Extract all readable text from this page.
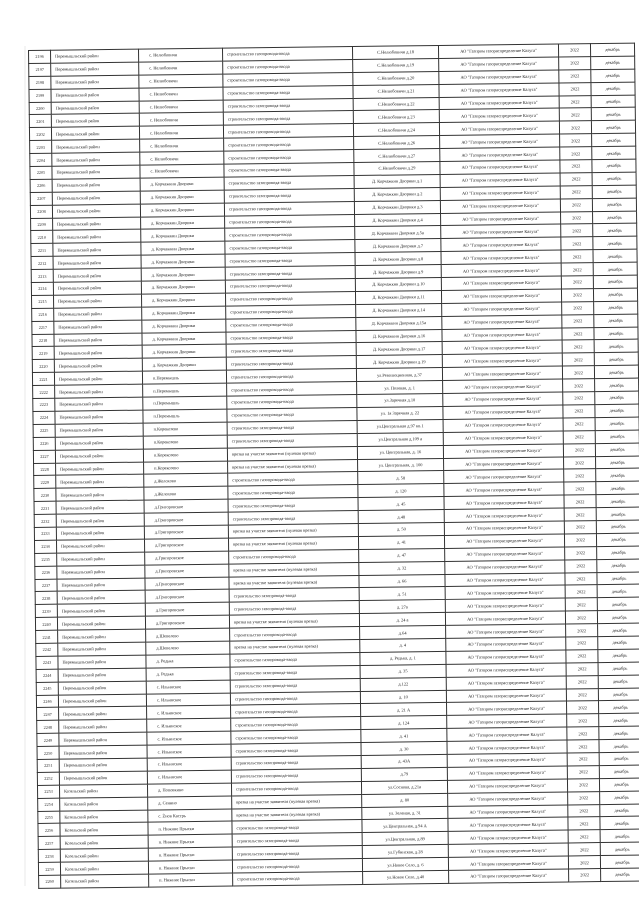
2196	Перемышльский район	с. Нелюбовичи	строительство газопровода-ввода	С.Нелюбовичи д.18	АО "Газпром газораспределение Калуга"	2022	декабрь
2197	Перемышльский район	с. Нелюбовичи	строительство газопровода-ввода	С.Нелюбовичи д.19	АО "Газпром газораспределение Калуга"	2022	декабрь
2198	Перемышльский район	с. Нелюбовичи	строительство газопровода-ввода	С.Нелюбовичи д.20	АО "Газпром газораспределение Калуга"	2022	декабрь
2199	Перемышльский район	с. Нелюбовичи	строительство газопровода-ввода	С.Нелюбовичи д.21	АО "Газпром газораспределение Калуга"	2022	декабрь
2200	Перемышльский район	с. Нелюбовичи	строительство газопровода-ввода	С.Нелюбовичи д.22	АО "Газпром газораспределение Калуга"	2022	декабрь
2201	Перемышльский район	с. Нелюбовичи	строительство газопровода-ввода	С.Нелюбовичи д.23	АО "Газпром газораспределение Калуга"	2022	декабрь
2202	Перемышльский район	с. Нелюбовичи	строительство газопровода-ввода	С.Нелюбовичи д.24	АО "Газпром газораспределение Калуга"	2022	декабрь
2203	Перемышльский район	с. Нелюбовичи	строительство газопровода-ввода	С.Нелюбовичи д.26	АО "Газпром газораспределение Калуга"	2022	декабрь
2204	Перемышльский район	с. Нелюбовичи	строительство газопровода-ввода	С.Нелюбовичи д.27	АО "Газпром газораспределение Калуга"	2022	декабрь
2205	Перемышльский район	с. Нелюбовичи	строительство газопровода-ввода	С.Нелюбовичи д.29	АО "Газпром газораспределение Калуга"	2022	декабрь
2206	Перемышльский район	д. Корчажкин Дворики	строительство газопровода-ввода	Д. Корчажкин Дворики д.1	АО "Газпром газораспределение Калуга"	2022	декабрь
2207	Перемышльский район	д. Корчажкин Дворики	строительство газопровода-ввода	Д. Корчажкин Дворики д.2	АО "Газпром газораспределение Калуга"	2022	декабрь
2208	Перемышльский район	д. Корчажкин Дворики	строительство газопровода-ввода	Д. Корчажкин Дворики д.3	АО "Газпром газораспределение Калуга"	2022	декабрь
2209	Перемышльский район	д. Корчажкин Дворики	строительство газопровода-ввода	Д. Корчажкин Дворики д.4	АО "Газпром газораспределение Калуга"	2022	декабрь
2210	Перемышльский район	д. Корчажкин Дворики	строительство газопровода-ввода	Д. Корчажкин Дворики д.5а	АО "Газпром газораспределение Калуга"	2022	декабрь
2211	Перемышльский район	д. Корчажкин Дворики	строительство газопровода-ввода	Д. Корчажкин Дворики д.7	АО "Газпром газораспределение Калуга"	2022	декабрь
2212	Перемышльский район	д. Корчажкин Дворики	строительство газопровода-ввода	Д. Корчажкин Дворики д.8	АО "Газпром газораспределение Калуга"	2022	декабрь
2213	Перемышльский район	д. Корчажкин Дворики	строительство газопровода-ввода	Д. Корчажкин Дворики д.9	АО "Газпром газораспределение Калуга"	2022	декабрь
2214	Перемышльский район	д. Корчажкин Дворики	строительство газопровода-ввода	Д. Корчажкин Дворики д.10	АО "Газпром газораспределение Калуга"	2022	декабрь
2215	Перемышльский район	д. Корчажкин Дворики	строительство газопровода-ввода	Д. Корчажкин Дворики д.11	АО "Газпром газораспределение Калуга"	2022	декабрь
2216	Перемышльский район	д. Корчажкин Дворики	строительство газопровода-ввода	Д. Корчажкин Дворики д.14	АО "Газпром газораспределение Калуга"	2022	декабрь
2217	Перемышльский район	д. Корчажкин Дворики	строительство газопровода-ввода	Д. Корчажкин Дворики д.15а	АО "Газпром газораспределение Калуга"	2022	декабрь
2218	Перемышльский район	д. Корчажкин Дворики	строительство газопровода-ввода	Д. Корчажкин Дворики д.16	АО "Газпром газораспределение Калуга"	2022	декабрь
2219	Перемышльский район	д. Корчажкин Дворики	строительство газопровода-ввода	Д. Корчажкин Дворики д.17	АО "Газпром газораспределение Калуга"	2022	декабрь
2220	Перемышльский район	д. Корчажкин Дворики	строительство газопровода-ввода	Д. Корчажкин Дворики д.19	АО "Газпром газораспределение Калуга"	2022	декабрь
2221	Перемышльский район	п.Перемышль	строительство газопровода-ввода	ул.Революционная, д.37	АО "Газпром газораспределение Калуга"	2022	декабрь
2222	Перемышльский район	п.Перемышль	строительство газопровода-ввода	ул. Полевая, д. 1	АО "Газпром газораспределение Калуга"	2022	декабрь
2223	Перемышльский район	п.Перемышль	строительство газопровода-ввода	ул.Заречная д.10	АО "Газпром газораспределение Калуга"	2022	декабрь
2224	Перемышльский район	п.Перемышль	строительство газопровода-ввода	ул. 1я Заречная д. 22	АО "Газпром газораспределение Калуга"	2022	декабрь
2225	Перемышльский район	п.Корекозево	строительство газопровода-ввода	ул.Центральная д.97 кв.1	АО "Газпром газораспределение Калуга"	2022	декабрь
2226	Перемышльский район	п.Корекозево	строительство газопровода-ввода	ул.Центральная д.109 а	АО "Газпром газораспределение Калуга"	2022	декабрь
2227	Перемышльский район	п.Корекозево	врезка на участке заявителя (нулевая врезка)	ул. Центральная, д. 16	АО "Газпром газораспределение Калуга"	2022	декабрь
2228	Перемышльский район	п.Корекозево	врезка на участке заявителя (нулевая врезка)	ул. Центральная, д. 100	АО "Газпром газораспределение Калуга"	2022	декабрь
2229	Перемышльский район	д.Желохово	строительство газопровода-ввода	д. 58	АО "Газпром газораспределение Калуга"	2022	декабрь
2230	Перемышльский район	д.Желохово	строительство газопровода-ввода	д. 120	АО "Газпром газораспределение Калуга"	2022	декабрь
2231	Перемышльский район	д.Григоровское	строительство газопровода-ввода	д. 45	АО "Газпром газораспределение Калуга"	2022	декабрь
2232	Перемышльский район	д.Григоровское	строительство газопровода-ввода	д.48	АО "Газпром газораспределение Калуга"	2022	декабрь
2233	Перемышльский район	д.Григоровское	врезка на участке заявителя (нулевая врезка)	д. 50	АО "Газпром газораспределение Калуга"	2022	декабрь
2234	Перемышльский район	д.Григоровское	врезка на участке заявителя (нулевая врезка)	д. 41	АО "Газпром газораспределение Калуга"	2022	декабрь
2235	Перемышльский район	д.Григоровское	строительство газопровода-ввода	д. 47	АО "Газпром газораспределение Калуга"	2022	декабрь
2236	Перемышльский район	д.Григоровское	врезка на участке заявителя (нулевая врезка)	д. 32	АО "Газпром газораспределение Калуга"	2022	декабрь
2237	Перемышльский район	д.Григоровское	врезка на участке заявителя (нулевая врезка)	д. 66	АО "Газпром газораспределение Калуга"	2022	декабрь
2238	Перемышльский район	д.Григоровское	строительство газопровода-ввода	д. 51	АО "Газпром газораспределение Калуга"	2022	декабрь
2239	Перемышльский район	д.Григоровское	строительство газопровода-ввода	д. 27а	АО "Газпром газораспределение Калуга"	2022	декабрь
2240	Перемышльский район	д.Григоровское	врезка на участке заявителя (нулевая врезка)	д. 24 а	АО "Газпром газораспределение Калуга"	2022	декабрь
2241	Перемышльский район	д.Шепелево	строительство газопровода-ввода	д.64	АО "Газпром газораспределение Калуга"	2022	декабрь
2242	Перемышльский район	д.Шепелево	врезка на участке заявителя (нулевая врезка)	д. 4	АО "Газпром газораспределение Калуга"	2022	декабрь
2243	Перемышльский район	д. Редька	строительство газопровода-ввода	д. Редька, д. 1	АО "Газпром газораспределение Калуга"	2022	декабрь
2244	Перемышльский район	д. Редька	строительство газопровода-ввода	д. 35	АО "Газпром газораспределение Калуга"	2022	декабрь
2245	Перемышльский район	с. Ильинское	строительство газопровода-ввода	д.122	АО "Газпром газораспределение Калуга"	2022	декабрь
2246	Перемышльский район	с. Ильинское	строительство газопровода-ввода	д. 10	АО "Газпром газораспределение Калуга"	2022	декабрь
2247	Перемышльский район	с. Ильинское	строительство газопровода-ввода	д. 21 А	АО "Газпром газораспределение Калуга"	2022	декабрь
2248	Перемышльский район	с. Ильинское	строительство газопровода-ввода	д. 124	АО "Газпром газораспределение Калуга"	2022	декабрь
2249	Перемышльский район	с. Ильинское	строительство газопровода-ввода	д. 41	АО "Газпром газораспределение Калуга"	2022	декабрь
2250	Перемышльский район	с. Ильинское	строительство газопровода-ввода	д. 30	АО "Газпром газораспределение Калуга"	2022	декабрь
2251	Перемышльский район	с. Ильинское	строительство газопровода-ввода	д. 43А	АО "Газпром газораспределение Калуга"	2022	декабрь
2252	Перемышльский район	с. Ильинское	строительство газопровода-ввода	д.79	АО "Газпром газораспределение Калуга"	2022	декабрь
2253	Козельский район	д. Поповкино	строительство газопровода-ввода	ул.Соснова, д.21а	АО "Газпром газораспределение Калуга"	2022	декабрь
2254	Козельский район	д. Сенино	врезка на участке заявителя (нулевая врезка)	д. 80	АО "Газпром газораспределение Калуга"	2022	декабрь
2255	Козельский район	с. Żнов Кастрь	врезка на участке заявителя (нулевая врезка)	ул. Зеленая, д. 31	АО "Газпром газораспределение Калуга"	2022	декабрь
2256	Козельский район	п. Нижние Прыски	строительство газопровода-ввода	ул.Центральная, д.94 А	АО "Газпром газораспределение Калуга"	2022	декабрь
2257	Козельский район	п. Нижние Прыски	строительство газопровода-ввода	ул.Центральная, д.89	АО "Газпром газораспределение Калуга"	2022	декабрь
2258	Козельский район	п. Нижние Прыски	строительство газопровода-ввода	ул.Губинская, д.28	АО "Газпром газораспределение Калуга"	2022	декабрь
2259	Козельский район	п. Нижние Прыски	строительство газопровода-ввода	ул.Новое Село, д. 6	АО "Газпром газораспределение Калуга"	2022	декабрь
2260	Козельский район	п. Нижние Прыски	строительство газопровода-ввода	ул.Новое Село, д.40	АО "Газпром газораспределение Калуга"	2022	декабрь
